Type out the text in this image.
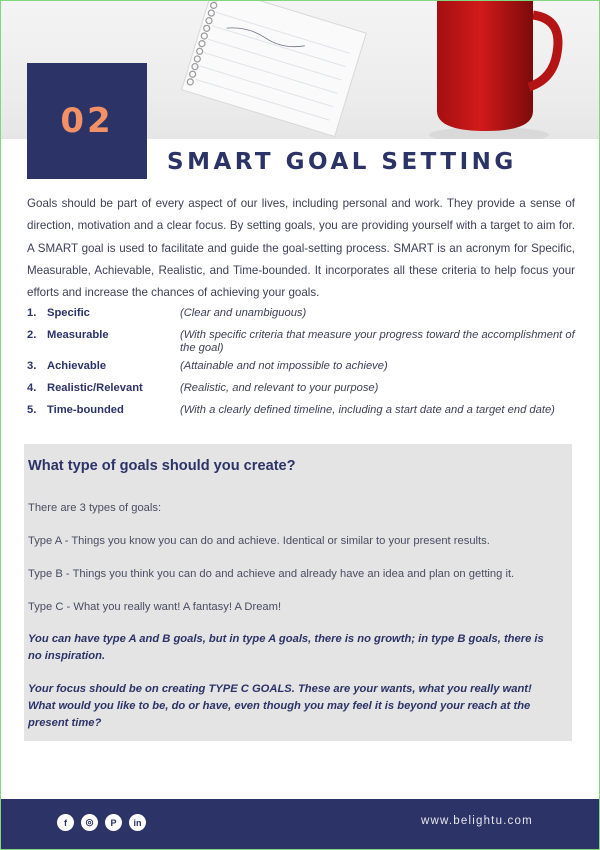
02
SMART GOAL SETTING
Goals should be part of every aspect of our lives, including personal and work. They provide a sense of direction, motivation and a clear focus. By setting goals, you are providing yourself with a target to aim for. A SMART goal is used to facilitate and guide the goal-setting process. SMART is an acronym for Specific, Measurable, Achievable, Realistic, and Time-bounded. It incorporates all these criteria to help focus your efforts and increase the chances of achieving your goals.
1. Specific	(Clear and unambiguous)
2. Measurable	(With specific criteria that measure your progress toward the accomplishment of the goal)
3. Achievable	(Attainable and not impossible to achieve)
4. Realistic/Relevant	(Realistic, and relevant to your purpose)
5. Time-bounded	(With a clearly defined timeline, including a start date and a target end date)
What type of goals should you create?

There are 3 types of goals:

Type A - Things you know you can do and achieve. Identical or similar to your present results.

Type B - Things you think you can do and achieve and already have an idea and plan on getting it.

Type C - What you really want! A fantasy! A Dream!

You can have type A and B goals, but in type A goals, there is no growth; in type B goals, there is no inspiration.

Your focus should be on creating TYPE C GOALS. These are your wants, what you really want! What would you like to be, do or have, even though you may feel it is beyond your reach at the present time?

f	◎	P	in	www.belightu.com
